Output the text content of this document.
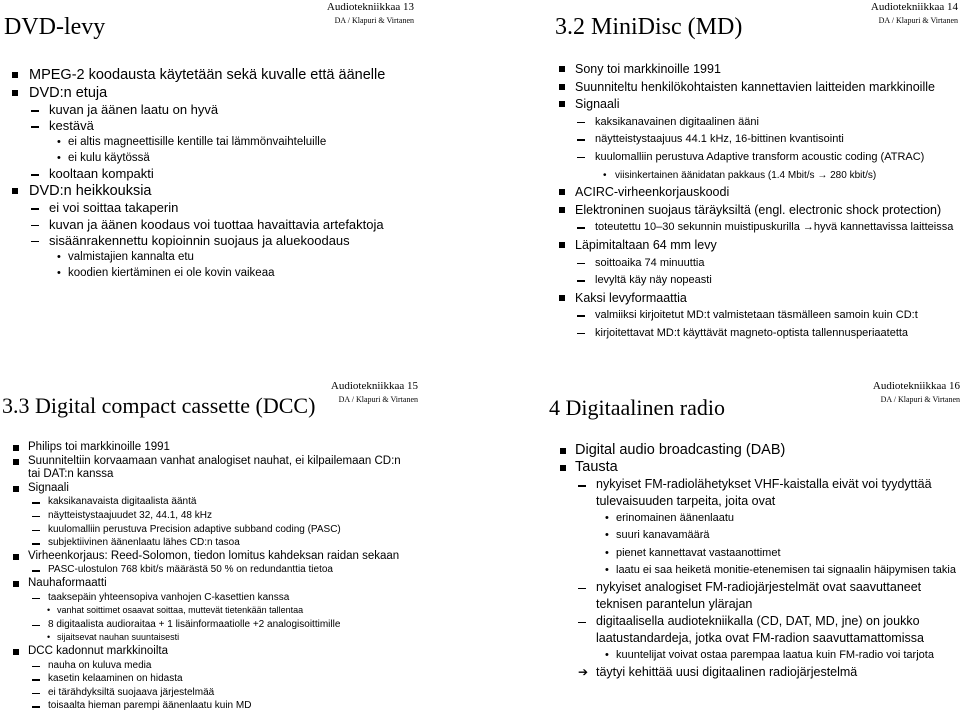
DVD-levy
Audiotekniikkaa 13
DA / Klapuri & Virtanen
MPEG-2 koodausta käytetään sekä kuvalle että äänelle
DVD:n etuja
kuvan ja äänen laatu on hyvä
kestävä
• ei altis magneettisille kentille tai lämmönvaihteluille
• ei kulu käytössä
kooltaan kompakti
DVD:n heikkouksia
ei voi soittaa takaperin
kuvan ja äänen koodaus voi tuottaa havaittavia artefaktoja
sisäänrakennettu kopioinnin suojaus ja aluekoodaus
• valmistajien kannalta etu
• koodien kiertäminen ei ole kovin vaikeaa
3.2 MiniDisc (MD)
Audiotekniikkaa 14
DA / Klapuri & Virtanen
Sony toi markkinoille 1991
Suunniteltu henkilökohtaisten kannettavien laitteiden markkinoille
Signaali
kaksikanavainen digitaalinen ääni
näytteistystaajuus 44.1 kHz, 16-bittinen kvantisointi
kuulomalliin perustuva Adaptive transform acoustic coding (ATRAC)
• viisinkertainen äänidatan pakkaus (1.4 Mbit/s → 280 kbit/s)
ACIRC-virheenkorjauskoodi
Elektroninen suojaus täräyksiltä (engl. electronic shock protection)
toteutettu 10–30 sekunnin muistipuskurilla →hyvä kannettavissa laitteissa
Läpimitaltaan 64 mm levy
soittoaika 74 minuuttia
levyltä käy näy nopeasti
Kaksi levyformaattia
valmiiksi kirjoitetut MD:t valmistetaan täsmälleen samoin kuin CD:t
kirjoitettavat MD:t käyttävät magneto-optista tallennusperiaatetta
3.3 Digital compact cassette (DCC)
Audiotekniikkaa 15
DA / Klapuri & Virtanen
Philips toi markkinoille 1991
Suunniteltiin korvaamaan vanhat analogiset nauhat, ei kilpailemaan CD:n tai DAT:n kanssa
Signaali
kaksikanavaista digitaalista ääntä
näytteistystaajuudet 32, 44.1, 48 kHz
kuulomalliin perustuva Precision adaptive subband coding (PASC)
subjektiivinen äänenlaatu lähes CD:n tasoa
Virheenkorjaus: Reed-Solomon, tiedon lomitus kahdeksan raidan sekaan
PASC-ulostulon 768 kbit/s määrästä 50 % on redundanttia tietoa
Nauhaformaatti
taaksepäin yhteensopiva vanhojen C-kasettien kanssa
• vanhat soittimet osaavat soittaa, muttevät tietenkään tallentaa
8 digitaalista audioraitaa + 1 lisäinformaatiolle +2 analogisoittimille
• sijaitsevat nauhan suuntaisesti
DCC kadonnut markkinoilta
nauha on kuluva media
kasetin kelaaminen on hidasta
ei tärähdyksiltä suojaava järjestelmää
toisaalta hieman parempi äänenlaatu kuin MD
4 Digitaalinen radio
Audiotekniikkaa 16
DA / Klapuri & Virtanen
Digital audio broadcasting (DAB)
Tausta
nykyiset FM-radiolähetykset VHF-kaistalla eivät voi tyydyttää
tulevaisuuden tarpeita, joita ovat
• erinomainen äänenlaatu
• suuri kanavamäärä
• pienet kannettavat vastaanottimet
• laatu ei saa heiketä monitie-etenemisen tai signaalin häipymisen takia
nykyiset analogiset FM-radiojärjestelmät ovat saavuttaneet
teknisen parantelun ylärajan
digitaalisella audiotekniikalla (CD, DAT, MD, jne) on joukko
laatustandardeja, jotka ovat FM-radion saavuttamattomissa
• kuuntelijat voivat ostaa parempaa laatua kuin FM-radio voi tarjota
➔ täytyi kehittää uusi digitaalinen radiojärjestelmä
